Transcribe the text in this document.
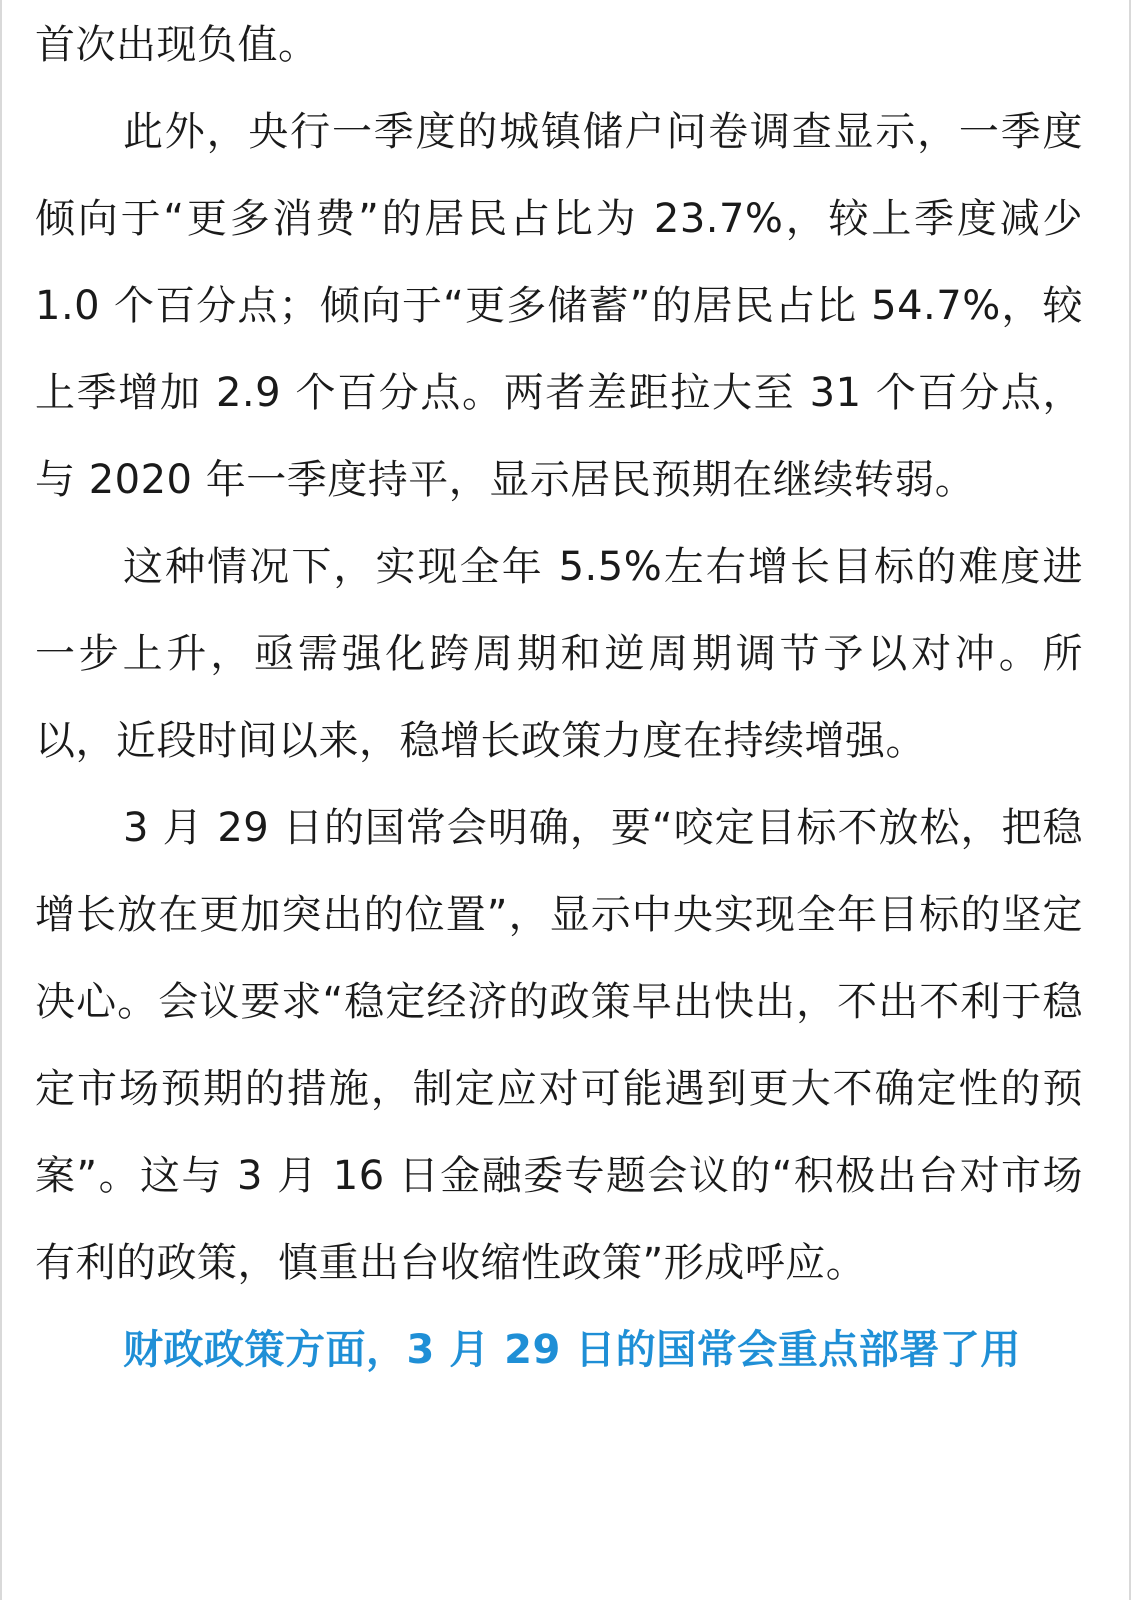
首次出现负值。

此外，央行一季度的城镇储户问卷调查显示，一季度倾向于“更多消费”的居民占比为 23.7%，较上季度减少 1.0 个百分点；倾向于“更多储蓄”的居民占比 54.7%，较上季增加 2.9 个百分点。两者差距拉大至 31 个百分点，与 2020 年一季度持平，显示居民预期在继续转弱。

这种情况下，实现全年 5.5%左右增长目标的难度进一步上升，亟需强化跨周期和逆周期调节予以对冲。所以，近段时间以来，稳增长政策力度在持续增强。

3 月 29 日的国常会明确，要“咬定目标不放松，把稳增长放在更加突出的位置”，显示中央实现全年目标的坚定决心。会议要求“稳定经济的政策早出快出，不出不利于稳定市场预期的措施，制定应对可能遇到更大不确定性的预案”。这与 3 月 16 日金融委专题会议的“积极出台对市场有利的政策，慎重出台收缩性政策”形成呼应。

财政政策方面，3 月 29 日的国常会重点部署了用
